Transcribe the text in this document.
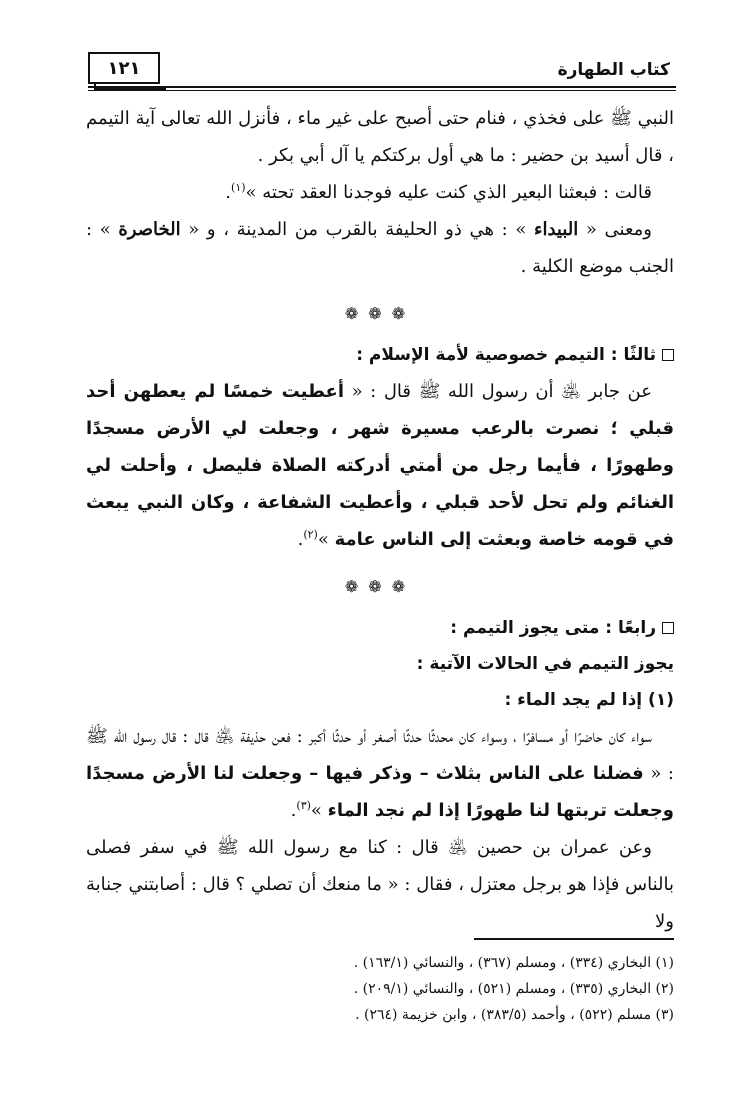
كتاب الطهارة
١٢١

النبي ﷺ على فخذي ، فنام حتى أصبح على غير ماء ، فأنزل الله تعالى آية التيمم ، قال أسيد بن حضير : ما هي أول بركتكم يا آل أبي بكر .

قالت : فبعثنا البعير الذي كنت عليه فوجدنا العقد تحته »$^{(١)}$.

ومعنى « البيداء » : هي ذو الحليفة بالقرب من المدينة ، و « الخاصرة » : الجنب موضع الكلية .

❁❁❁
ثالثًا : التيمم خصوصية لأمة الإسلام :

عن جابر ﵁ أن رسول الله ﷺ قال : « أعطيت خمسًا لم يعطهن أحد قبلي ؛ نصرت بالرعب مسيرة شهر ، وجعلت لي الأرض مسجدًا وطهورًا ، فأيما رجل من أمتي أدركته الصلاة فليصل ، وأحلت لي الغنائم ولم تحل لأحد قبلي ، وأعطيت الشفاعة ، وكان النبي يبعث في قومه خاصة وبعثت إلى الناس عامة »$^{(٢)}$.

❁❁❁
رابعًا : متى يجوز التيمم :
يجوز التيمم في الحالات الآتية :
(١) إذا لم يجد الماء :

سواء كان حاضرًا أو مسافرًا ، وسواء كان محدثًا حدثًا أصغر أو حدثًا أكبر : فعن حذيفة ﵁ قال : قال رسول الله ﷺ : « فضلنا على الناس بثلاث – وذكر فيها – وجعلت لنا الأرض مسجدًا وجعلت تربتها لنا طهورًا إذا لم نجد الماء »$^{(٣)}$.

وعن عمران بن حصين ﵁ قال : كنا مع رسول الله ﷺ في سفر فصلى بالناس فإذا هو برجل معتزل ، فقال : « ما منعك أن تصلي ؟ قال : أصابتني جنابة ولا

(١) البخاري (٣٣٤) ، ومسلم (٣٦٧) ، والنسائي (١٦٣/١) .

(٢) البخاري (٣٣٥) ، ومسلم (٥٢١) ، والنسائي (٢٠٩/١) .

(٣) مسلم (٥٢٢) ، وأحمد (٣٨٣/٥) ، وابن خزيمة (٢٦٤) .
